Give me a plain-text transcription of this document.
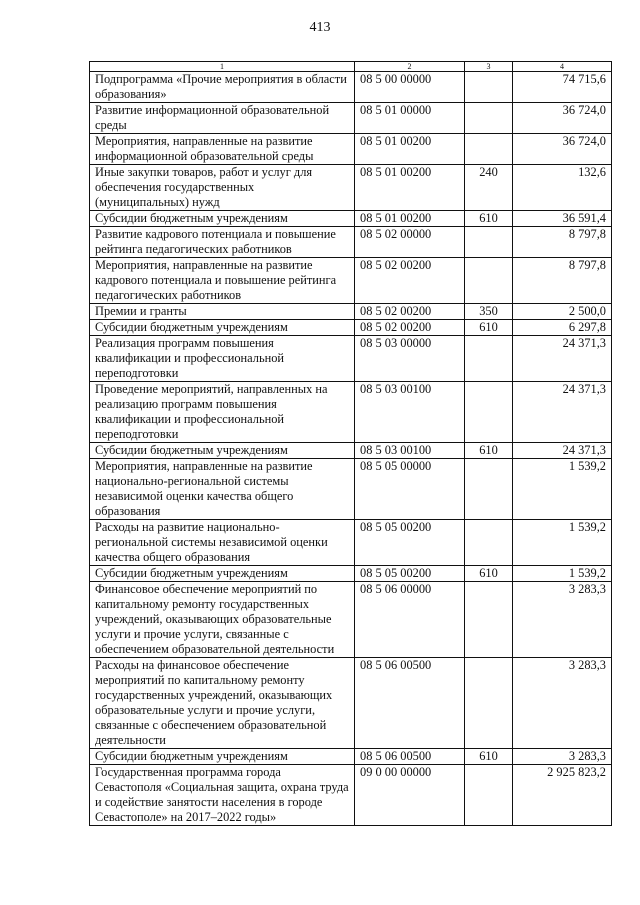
413
1	2	3	4
Подпрограмма «Прочие мероприятия в области образования»	08 5 00 00000		74 715,6
Развитие информационной образовательной среды	08 5 01 00000		36 724,0
Мероприятия, направленные на развитие информационной образовательной среды	08 5 01 00200		36 724,0
Иные закупки товаров, работ и услуг для обеспечения государственных (муниципальных) нужд	08 5 01 00200	240	132,6
Субсидии бюджетным учреждениям	08 5 01 00200	610	36 591,4
Развитие кадрового потенциала и повышение рейтинга педагогических работников	08 5 02 00000		8 797,8
Мероприятия, направленные на развитие кадрового потенциала и повышение рейтинга педагогических работников	08 5 02 00200		8 797,8
Премии и гранты	08 5 02 00200	350	2 500,0
Субсидии бюджетным учреждениям	08 5 02 00200	610	6 297,8
Реализация программ повышения квалификации и профессиональной переподготовки	08 5 03 00000		24 371,3
Проведение мероприятий, направленных на реализацию программ повышения квалификации и профессиональной переподготовки	08 5 03 00100		24 371,3
Субсидии бюджетным учреждениям	08 5 03 00100	610	24 371,3
Мероприятия, направленные на развитие национально-региональной системы независимой оценки качества общего образования	08 5 05 00000		1 539,2
Расходы на развитие национально-региональной системы независимой оценки качества общего образования	08 5 05 00200		1 539,2
Субсидии бюджетным учреждениям	08 5 05 00200	610	1 539,2
Финансовое обеспечение мероприятий по капитальному ремонту государственных учреждений, оказывающих образовательные услуги и прочие услуги, связанные с обеспечением образовательной деятельности	08 5 06 00000		3 283,3
Расходы на финансовое обеспечение мероприятий по капитальному ремонту государственных учреждений, оказывающих образовательные услуги и прочие услуги, связанные с обеспечением образовательной деятельности	08 5 06 00500		3 283,3
Субсидии бюджетным учреждениям	08 5 06 00500	610	3 283,3
Государственная программа города Севастополя «Социальная защита, охрана труда и содействие занятости населения в городе Севастополе» на 2017–2022 годы»	09 0 00 00000		2 925 823,2
